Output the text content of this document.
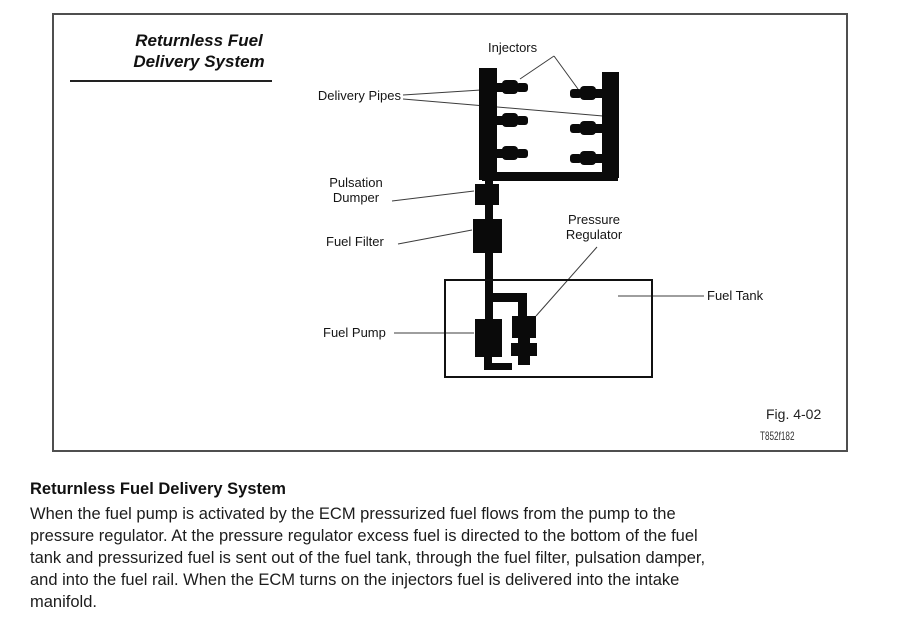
Returnless Fuel
Delivery System
Injectors
Delivery Pipes
Pulsation
Dumper
Fuel Filter
Pressure
Regulator
Fuel Pump
Fuel Tank
Fig. 4-02
T852f182
Returnless Fuel Delivery System
When the fuel pump is activated by the ECM pressurized fuel flows from the pump to the
pressure regulator. At the pressure regulator excess fuel is directed to the bottom of the fuel
tank and pressurized fuel is sent out of the fuel tank, through the fuel filter, pulsation damper,
and into the fuel rail. When the ECM turns on the injectors fuel is delivered into the intake
manifold.
